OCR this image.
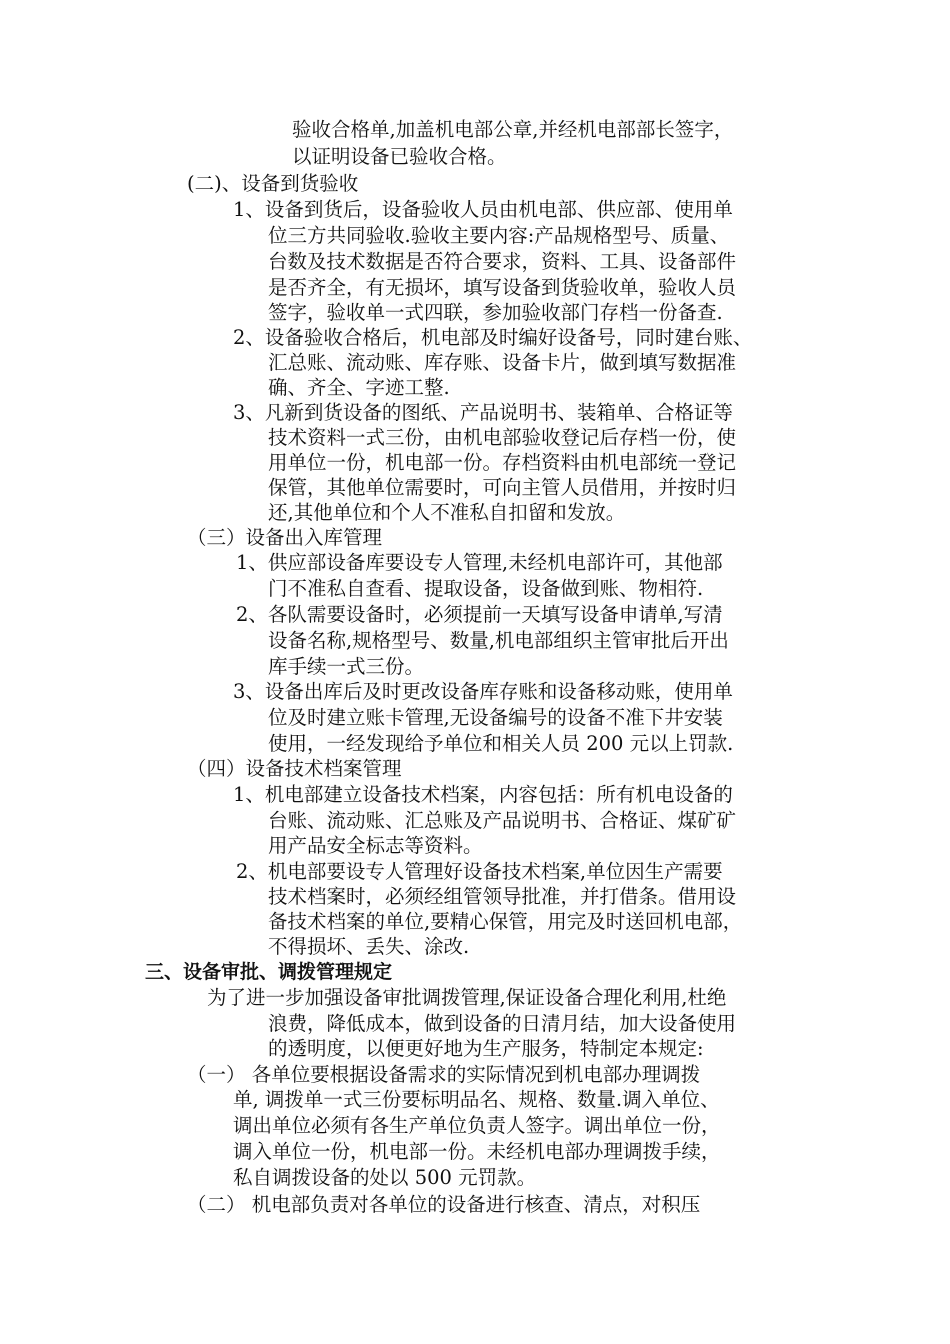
验收合格单,加盖机电部公章,并经机电部部长签字，
以证明设备已验收合格。
(二)、设备到货验收
1、设备到货后，设备验收人员由机电部、供应部、使用单
位三方共同验收.验收主要内容:产品规格型号、质量、
台数及技术数据是否符合要求，资料、工具、设备部件
是否齐全，有无损坏，填写设备到货验收单，验收人员
签字，验收单一式四联，参加验收部门存档一份备查.
2、设备验收合格后，机电部及时编好设备号，同时建台账、
汇总账、流动账、库存账、设备卡片，做到填写数据准
确、齐全、字迹工整.
3、凡新到货设备的图纸、产品说明书、装箱单、合格证等
技术资料一式三份，由机电部验收登记后存档一份，使
用单位一份，机电部一份。存档资料由机电部统一登记
保管，其他单位需要时，可向主管人员借用，并按时归
还,其他单位和个人不准私自扣留和发放。
（三）设备出入库管理
1、供应部设备库要设专人管理,未经机电部许可，其他部
门不准私自查看、提取设备，设备做到账、物相符.
2、各队需要设备时，必须提前一天填写设备申请单,写清
设备名称,规格型号、数量,机电部组织主管审批后开出
库手续一式三份。
3、设备出库后及时更改设备库存账和设备移动账，使用单
位及时建立账卡管理,无设备编号的设备不准下井安装
使用，一经发现给予单位和相关人员 200 元以上罚款.
（四）设备技术档案管理
1、机电部建立设备技术档案，内容包括：所有机电设备的
台账、流动账、汇总账及产品说明书、合格证、煤矿矿
用产品安全标志等资料。
2、机电部要设专人管理好设备技术档案,单位因生产需要
技术档案时，必须经组管领导批准，并打借条。借用设
备技术档案的单位,要精心保管，用完及时送回机电部，
不得损坏、丢失、涂改.
三、设备审批、调拨管理规定
为了进一步加强设备审批调拨管理,保证设备合理化利用,杜绝
浪费，降低成本，做到设备的日清月结，加大设备使用
的透明度，以便更好地为生产服务，特制定本规定:
（一） 各单位要根据设备需求的实际情况到机电部办理调拨
单, 调拨单一式三份要标明品名、规格、数量.调入单位、
调出单位必须有各生产单位负责人签字。调出单位一份，
调入单位一份，机电部一份。未经机电部办理调拨手续，
私自调拨设备的处以 500 元罚款。
（二） 机电部负责对各单位的设备进行核查、清点，对积压
